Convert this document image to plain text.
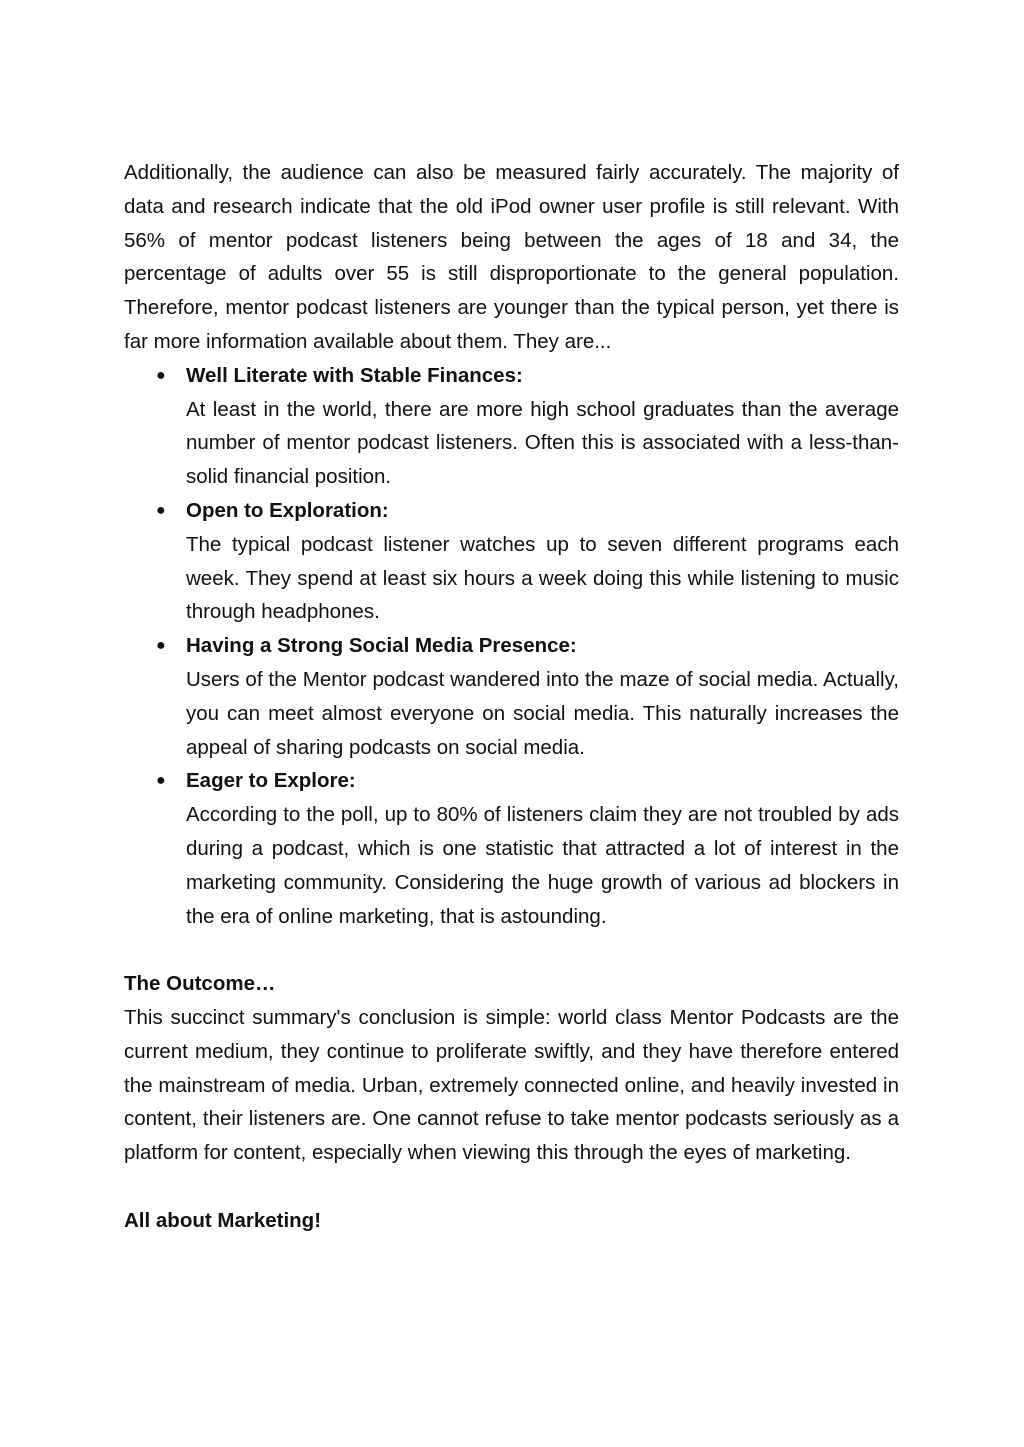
Additionally, the audience can also be measured fairly accurately. The majority of data and research indicate that the old iPod owner user profile is still relevant. With 56% of mentor podcast listeners being between the ages of 18 and 34, the percentage of adults over 55 is still disproportionate to the general population. Therefore, mentor podcast listeners are younger than the typical person, yet there is far more information available about them. They are...

● Well Literate with Stable Finances:
At least in the world, there are more high school graduates than the average number of mentor podcast listeners. Often this is associated with a less-than-solid financial position.
● Open to Exploration:
The typical podcast listener watches up to seven different programs each week. They spend at least six hours a week doing this while listening to music through headphones.
● Having a Strong Social Media Presence:
Users of the Mentor podcast wandered into the maze of social media. Actually, you can meet almost everyone on social media. This naturally increases the appeal of sharing podcasts on social media.
● Eager to Explore:
According to the poll, up to 80% of listeners claim they are not troubled by ads during a podcast, which is one statistic that attracted a lot of interest in the marketing community. Considering the huge growth of various ad blockers in the era of online marketing, that is astounding.

The Outcome…

This succinct summary's conclusion is simple: world class Mentor Podcasts are the current medium, they continue to proliferate swiftly, and they have therefore entered the mainstream of media. Urban, extremely connected online, and heavily invested in content, their listeners are. One cannot refuse to take mentor podcasts seriously as a platform for content, especially when viewing this through the eyes of marketing.

All about Marketing!
